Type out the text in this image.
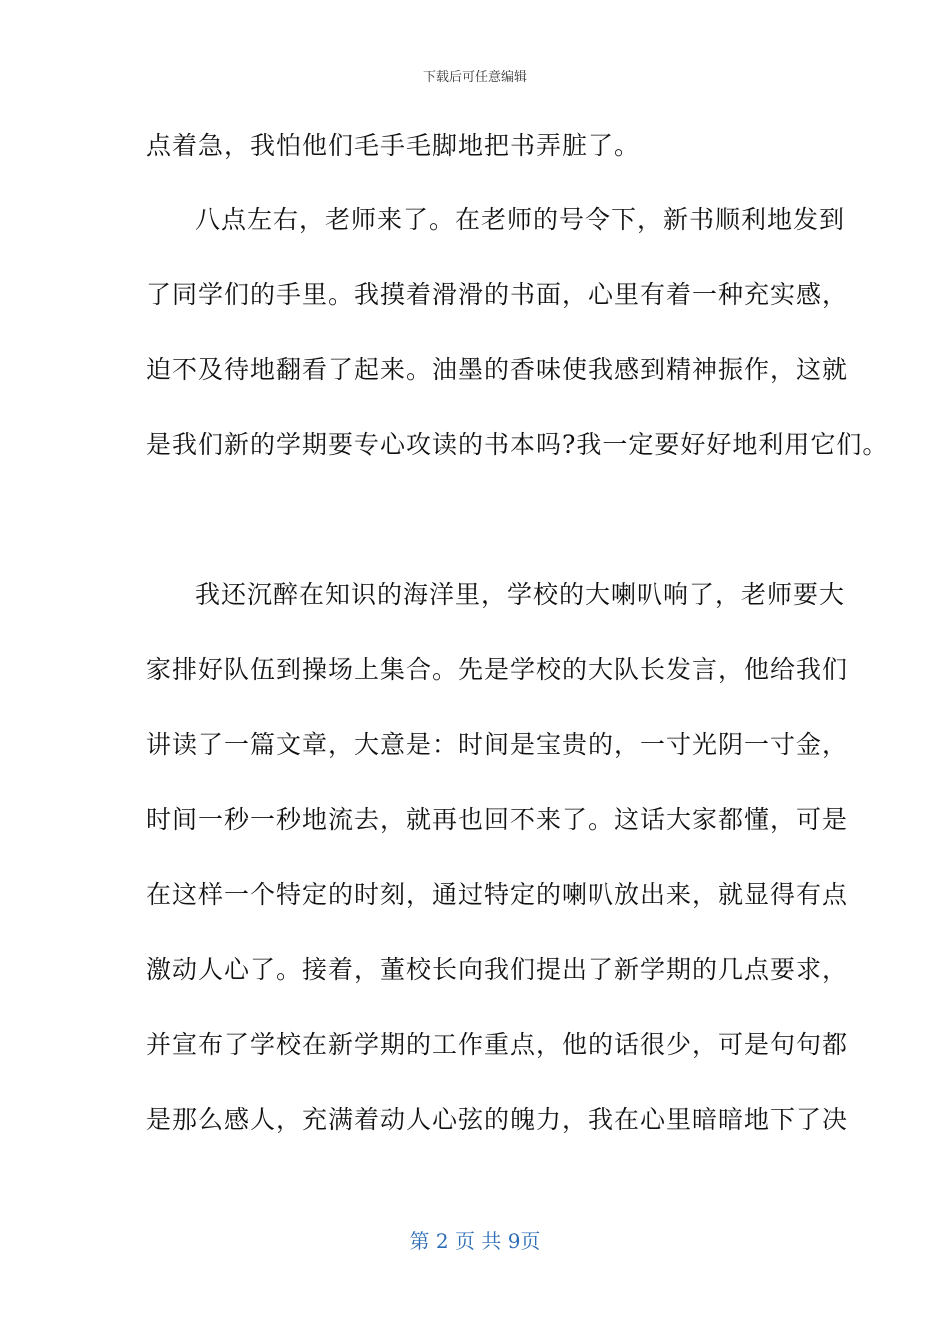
下载后可任意编辑
点着急，我怕他们毛手毛脚地把书弄脏了。
八点左右，老师来了。在老师的号令下，新书顺利地发到
了同学们的手里。我摸着滑滑的书面，心里有着一种充实感，
迫不及待地翻看了起来。油墨的香味使我感到精神振作，这就
是我们新的学期要专心攻读的书本吗?我一定要好好地利用它们。
我还沉醉在知识的海洋里，学校的大喇叭响了，老师要大
家排好队伍到操场上集合。先是学校的大队长发言，他给我们
讲读了一篇文章，大意是：时间是宝贵的，一寸光阴一寸金，
时间一秒一秒地流去，就再也回不来了。这话大家都懂，可是
在这样一个特定的时刻，通过特定的喇叭放出来，就显得有点
激动人心了。接着，董校长向我们提出了新学期的几点要求，
并宣布了学校在新学期的工作重点，他的话很少，可是句句都
是那么感人，充满着动人心弦的魄力，我在心里暗暗地下了决
第 2 页 共 9页
